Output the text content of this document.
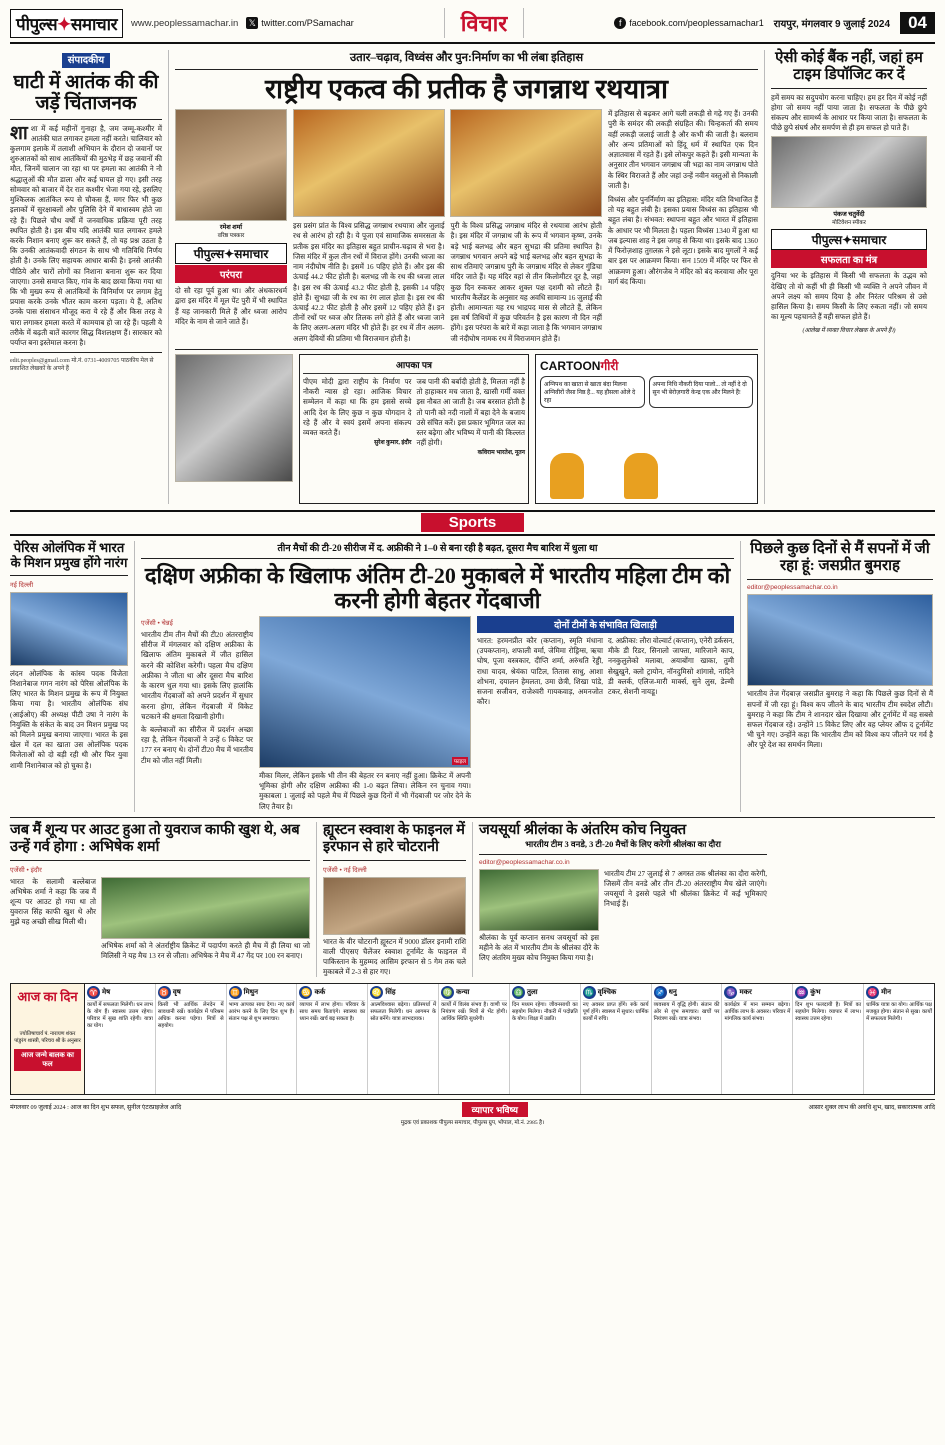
पीपुल्स✦समाचार	www.peoplessamachar.in 𝕏 twitter.com/PSamachar	विचार	f facebook.com/peoplessamachar1 रायपुर, मंगलवार 9 जुलाई 2024	04
संपादकीय
घाटी में आतंक की की जड़ें चिंताजनक
शाशा में कई महीनों गुनाहा है, जम जम्मू-कश्मीर में आतंकी घात लगाकर हमला नहीं करते। चालियार को कुलगाम इलाके में तलाशी अभियान के दौरान दो जवानों पर शुरुआतकों को साथ आतंकियों की मुठभेड़ में छह जवानों की मौत, जिनमें चालान जा रहा था पर हमला का आतंकी ने नौ श्रद्धालुओं की मौत डाला और कई घायल हो गए। इसी तरह सोमवार को बाजार में देर रात कश्मीर भेजा गया रहे, इसलिए मुश्किलक आतंकित रूप से चौकस हैं, मगर फिर भी कुछ इलाकों में सुरक्षाबलों और पुलिसि देने में बाधास्वम होते जा रहे हैं। पिछले चौथ वर्षों में जनवाधिक प्रक्रिया पूरी तरह स्थपित होती है। इस बीच यदि आतंकी घात लगाकर हमले करके निशान बनाए शुरू कर सकते हैं, तो यह प्रश्न उठता है कि उनकी आतंकवादी संगठन के साथ भी गतिविधि निर्णय होती है। उनके लिए सहायक आधार बाकी है। इनसे आतंकी पीठिये और चारों लोगों का निशाना बनाना शुरू कर दिया जाएगा। उनसे समाप्त किए, गांव के बाद छाया किया गया था कि भी मुख्य रूप से आतंकियों के विनिर्माण पर लगाम हेतु प्रयास करके उनके भीतर काम करना पड़ता। ये हैं, अतिथ उनके पास संसाधन मौजूद करा ये रहे हैं और किस तरह वे चारा लगाकर हमला करते में कामयाब हो जा रहे हैं। पहली ये तरीके में बढ़ती बातें कारगर सिद्ध विशलक्षण हैं। सारकार को पर्याप्त बना इस्तेमाल करना है।
edit.peoples@gmail.com मो.नं. 0731-4009705 पाठकीय मेल से प्रकाशित लेखकों के अपने हैं
उतार–चढ़ाव, विध्वंस और पुन:निर्माण का भी लंबा इतिहास
राष्ट्रीय एकत्व की प्रतीक है जगन्नाथ रथयात्रा
रमेश शर्मा
वरिष्ठ पत्रकार
पीपुल्स✦समाचार
परंपरा
दो सौ रहा पूर्व हुआ था। और अंधकारधर्म द्वारा इस मंदिर में मूल पेंट पुरी में भी स्थापित हैं यह जानकारी मिले हैं और ध्वजा आरोप मंदिर के नाम से जाने जाते हैं।
इस प्रसंग प्रांत के विश्व प्रसिद्ध जगन्नाथ रथयात्रा और जुलाई रथ से आरंभ हो रही है। ये पूजा एवं सामाजिक समरसता के प्रतीक इस मंदिर का इतिहास बहुत प्राचीन-चढ़ाव से भरा है। जिस मंदिर में कुल तीन रथों में विराज होंगे। उनकी ध्वजा का नाम नंदीघोष नीति है। इसमें 16 पहिए होते हैं। और इस की ऊंचाई 44.2 फीट होती है। बलभद्र जी के रथ की ध्वजा लाल है। इस रथ की ऊंचाई 43.2 फीट होती है, इसकी 14 पहिए होते हैं। सुभद्रा जी के रथ का रंग लाल होता है। इस रथ की ऊंचाई 42.2 फीट होती है और इसमें 12 पहिए होते हैं। इन तीनों रथों पर ध्वज और तिलक लगे होते हैं और ध्वजा जाने के लिए अलग-अलग मंदिर भी होते हैं। हर रथ में तीन अलग-अलग देवियों की प्रतिमा भी विराजमान होती है।
पुरी के विश्व प्रसिद्ध जगन्नाथ मंदिर से रथयात्रा आरंभ होती है। इस मंदिर में जगन्नाथ जी के रूप में भगवान कृष्ण, उनके बड़े भाई बलभद्र और बहन सुभद्रा की प्रतिमा स्थापित है। जगन्नाथ भगवान अपने बड़े भाई बलभद्र और बहन सुभद्रा के साथ रतिमाएं जगन्नाथ पुरी के जगन्नाथ मंदिर से लेकर गुंडिचा मंदिर जाते हैं। यह मंदिर वहां से तीन किलोमीटर दूर है, जहां कुछ दिन रुककर आकर शुक्ल पक्ष दशमी को लौटते हैं। भारतीय कैलेंडर के अनुसार यह अवधि सामान्य 16 जुलाई की होती। आमान्यतः यह रथ भाद्रपद मास से लौटते हैं, लेकिन इस वर्ष तिथियों में कुछ परिवर्तन है इस कारण नौ दिन नहीं होंगे। इस परंपरा के बारे में कहा जाता है कि भगवान जगन्नाथ जी नंदीघोष नामक रथ में विराजमान होते हैं।
में इतिहास से बढ़कर आगे चली लकड़ी से गढ़े गए हैं। उनकी पुरी के समंदर की लकड़ी संग्रहित की। चिन्हकर्ता की समय वहीं लकड़ी जलाई जाती है और कभी की जाती है। बलराम और अन्य प्रतिमाओं को हिंदू धर्म में स्थापित एक दिन अज्ञातवास में रहते हैं। इसे लोकपुर कहते हैं। इसी मान्यता के अनुसार तीन भगवान जगन्नाथ जी भद्रा का नाम जगन्नाथ पोते के स्थिर विराजते हैं और जहां उन्हें नवीन वस्तुओं से निकाली जाती है।
विध्वंस और पुनर्निर्माण का इतिहास: मंदिर यति विभाजित हैं तो यह बहुत लंबी है। इसका प्रयास विध्वंस का इतिहास भी बहुत लंबा है। संभवत: स्थापना बहुत और भारत में इतिहास के आधार पर भी मिलता है। पहला विध्वंस 1340 में हुआ था जब इल्यास शाह ने इस जगह से किया था। इसके बाद 1360 में फिरोज़शाह तुग़लक़ ने इसे लूटा। इसके बाद मुगलों ने कई बार इस पर आक्रमण किया। सन 1509 में मंदिर पर फिर से आक्रमण हुआ। औरंगजेब ने मंदिर को बंद करवाया और पूरा मार्ग बंद किया।
आपका पत्र
पीएम मोदी द्वारा राष्ट्रीय के निर्माण पर नौकरी न्यास हो रहा। आजिक विचार सम्मेलन में कहा था कि हम इससे सच्चे आदि देश के लिए कुछ न कुछ योगदान दे रहे हैं और वे स्वयं इसमें अपना संकल्प व्यक्त करते हैं।
सुरेश कुमार, इंदौर
जब पानी की बर्बादी होती है, मिलता नहीं है तो हाहाकार मच जाता है, खासी गर्मी वक्त इस नौबत आ जाती है। जब बरसात होती है तो पानी को नदी नालों में बहा देने के बजाय उसे संचित करें। इस प्रकार भूमिगत जल का स्तर बढ़ेगा और भविष्य में पानी की किल्लत नहीं होगी।
कविराम भारतेश, नूतन
CARTOONगीरी
अग्निपथ का खाता से खाता बंदा मिलना अग्निवीरों जैसा निष्ठ है... यह हौसला ओले दे रहा
अपना निधि नौकरी दिया पालो... तो नहीं दे दो सुन भी बेरोज़गारी केन्द्र एक और मिलने हैं!
ऐसी कोई बैंक नहीं, जहां हम टाइम डिपॉजिट कर दें
हमें समय का सदुपयोग करना चाहिए। हम हर दिन में कोई नहीं होगा जो समय नहीं पाया जाता है। सफलता के पीछे छुपे संकल्प और सामर्थ्य के आधार पर किया जाता है। सफलता के पीछे छुपे संघर्ष और समर्पण से ही हम सफल हो पाते हैं।
पंकज चतुर्वेदी
मोटिवेशन स्पीकर
पीपुल्स✦समाचार
सफलता का मंत्र
दुनिया भर के इतिहास में किसी भी सफलता के उद्भव को देखिए तो वो कहीं भी ही किसी भी व्यक्ति ने अपने जीवन में अपने लक्ष्य को समय दिया है और निरंतर परिश्रम से उसे हासिल किया है। समय किसी के लिए रुकता नहीं। जो समय का मूल्य पहचानते हैं वही सफल होते हैं।
(आलेख में व्यक्त विचार लेखक के अपने हैं।)
Sports
पेरिस ओलंपिक में भारत के मिशन प्रमुख होंगे नारंग
नई दिल्ली
लंदन ओलंपिक के कांस्य पदक विजेता निशानेबाज गगन नारंग को पेरिस ओलंपिक के लिए भारत के मिशन प्रमुख के रूप में नियुक्त किया गया है। भारतीय ओलंपिक संघ (आईओए) की अध्यक्ष पीटी उषा ने नारंग के नियुक्ति के संकेत के बाद उन मिशन प्रमुख पद को मिलने प्रमुख बनाया जाएगा। भारत के इस खेल में दल का खाता उस ओलंपिक पदक विजेताओं को दो बड़ी रही थी और फिर युवा शामी निशानेबाज को हो चुका है।
तीन मैचों की टी-20 सीरीज में द. अफ्रीकी ने 1–0 से बना रही है बढ़त, दूसरा मैच बारिश में धुला था
दक्षिण अफ्रीका के खिलाफ अंतिम टी-20 मुकाबले में भारतीय महिला टीम को करनी होगी बेहतर गेंदबाजी
एजेंसी • चेन्नई
भारतीय टीम तीन मैचों की टी20 अंतरराष्ट्रीय सीरीज में मंगलवार को दक्षिण अफ्रीका के खिलाफ अंतिम मुकाबले में जीत हासिल करने की कोशिश करेगी। पहला मैच दक्षिण अफ्रीका ने जीता था और दूसरा मैच बारिश के कारण धुल गया था। इसके लिए हालांकि भारतीय गेंदबाजों को अपने प्रदर्शन में सुधार करना होगा, लेकिन गेंदबाजी में विकेट चटकाने की क्षमता दिखानी होगी।
के बल्लेबाजों का सीरीज में प्रदर्शन अच्छा रहा है, लेकिन गेंदबाजों ने उन्हें 6 विकेट पर 177 रन बनाए थे। दोनों टी20 मैच में भारतीय टीम को जीत नहीं मिली।	फाइल
मीका मिलर, लेकिन इसके भी तीन की बेहतर रन बनाए नहीं हुआ। क्रिकेट में अपनी भूमिका होगी और दक्षिण अफ्रीका की 1-0 बढ़त लिया। लेकिन रन चुनाव गया। मुकाबला 1 जुलाई को पहले मैच में पिछले कुछ दिनों में भी गेंदबाजी पर जोर देने के लिए तैयार है।
दोनों टीमों के संभावित खिलाड़ी
भारत: हरमनप्रीत कौर (कप्तान), स्मृति मंधाना (उपकप्तान), शफाली वर्मा, जेमिमा रोड्रिग्स, ऋचा घोष, पूजा वस्त्रकार, दीप्ति शर्मा, अरुंधति रेड्डी, राधा यादव, श्रेयंका पाटिल, तितास साधु, आशा शोभना, दयालन हेमलता, उमा छेत्री, शिखा पांडे, सजना सजीवन, राजेश्वरी गायकवाड़, अमनजोत कौर।
द. अफ्रीका: लौरा वोल्वार्ट (कप्तान), एनेरी डर्कसन, मीके डी रिडर, सिनालो जाफ्ता, मारिजाने काप, ननकुलुलेको मलाबा, अयाबोंगा खाका, तुमी सेखुखुने, क्लो ट्रायोन, नॉनदुमिसो शांगासे, नादिने डी क्लर्क, एलिज-मारी मार्क्स, सुने लुस, डेल्मी टकर, सेशनी नायडू।
पिछले कुछ दिनों से मैं सपनों में जी रहा हूं: जसप्रीत बुमराह
editor@peoplessamachar.co.in
भारतीय तेज गेंदबाज़ जसप्रीत बुमराह ने कहा कि पिछले कुछ दिनों से मैं सपनों में जी रहा हूं। विश्व कप जीतने के बाद भारतीय टीम स्वदेश लौटी। बुमराह ने कहा कि टीम ने शानदार खेल दिखाया और टूर्नामेंट में वह सबसे सफल गेंदबाज रहे। उन्होंने 15 विकेट लिए और वह प्लेयर ऑफ द टूर्नामेंट भी चुने गए। उन्होंने कहा कि भारतीय टीम को विश्व कप जीतने पर गर्व है और पूरे देश का समर्थन मिला।
जब मैं शून्य पर आउट हुआ तो युवराज काफी खुश थे, अब उन्हें गर्व होगा : अभिषेक शर्मा
एजेंसी • इंदौर
भारत के सलामी बल्लेबाज अभिषेक शर्मा ने कहा कि जब मैं शून्य पर आउट हो गया था तो युवराज सिंह काफी खुश थे और मुझे यह अच्छी सीख मिली थी।
अभिषेक शर्मा को ने अंतर्राष्ट्रीय क्रिकेट में पदार्पण करते ही मैच में ही लिया था जो मिलिसी ने यह मैच 13 रन से जीता। अभिषेक ने मैच में 47 गेंद पर 100 रन बनाए।
ह्यूस्टन स्क्वाश के फाइनल में इरफान से हारे चोटरानी
एजेंसी • नई दिल्ली
भारत के वीर चोटरानी ह्यूस्टन में 9000 डॉलर इनामी राशि वाली पीएसए चैलेंजर स्क्वाश टूर्नामेंट के फाइनल में पाकिस्तान के मुहम्मद आसिम इरफान से 5 गेम तक चले मुकाबले में 2-3 से हार गए।
जयसूर्या श्रीलंका के अंतरिम कोच नियुक्त
भारतीय टीम 3 वनडे, 3 टी-20 मैचों के लिए करेगी श्रीलंका का दौरा
editor@peoplessamachar.co.in
श्रीलंका के पूर्व कप्तान सनथ जयसूर्या को इस महीने के अंत में भारतीय टीम के श्रीलंका दौरे के लिए अंतरिम मुख्य कोच नियुक्त किया गया है।
भारतीय टीम 27 जुलाई से 7 अगस्त तक श्रीलंका का दौरा करेगी, जिसमें तीन वनडे और तीन टी-20 अंतरराष्ट्रीय मैच खेले जाएंगे। जयसूर्या ने इससे पहले भी श्रीलंका क्रिकेट में कई भूमिकाएं निभाई हैं।
आज का दिन
ज्योतिषाचार्य पं. नारायण शंकर पांडुरंग शास्त्री, परिचय श्री के अनुसार
आज जन्मे बालक का फल
♈ मेष
कार्यों में सफलता मिलेगी। धन लाभ के योग हैं। स्वास्थ्य उत्तम रहेगा। परिवार में सुख शांति रहेगी। यात्रा का योग।
♉ वृष
किसी भी आर्थिक लेनदेन में सावधानी रखें। कार्यक्षेत्र में परिश्रम अधिक करना पड़ेगा। मित्रों से सहयोग।
♊ मिथुन
भाग्य आपका साथ देगा। नए कार्य आरंभ करने के लिए दिन शुभ है। संतान पक्ष से शुभ समाचार।
♋ कर्क
व्यापार में लाभ होगा। परिवार के साथ समय बिताएंगे। स्वास्थ्य का ध्यान रखें। खर्च बढ़ सकता है।
♌ सिंह
आत्मविश्वास बढ़ेगा। प्रतिस्पर्धा में सफलता मिलेगी। धन आगमन के स्रोत बनेंगे। यात्रा लाभदायक।
♍ कन्या
कार्यों में विलंब संभव है। वाणी पर नियंत्रण रखें। मित्रों से भेंट होगी। आर्थिक स्थिति सुधरेगी।
♎ तुला
दिन मध्यम रहेगा। जीवनसाथी का सहयोग मिलेगा। नौकरी में पदोन्नति के योग। शिक्षा में उन्नति।
♏ वृश्चिक
नए अवसर प्राप्त होंगे। रुके कार्य पूर्ण होंगे। स्वास्थ्य में सुधार। धार्मिक कार्यों में रुचि।
♐ धनु
व्यवसाय में वृद्धि होगी। संतान की ओर से शुभ समाचार। खर्चों पर नियंत्रण रखें। यात्रा संभव।
♑ मकर
कार्यक्षेत्र में मान सम्मान बढ़ेगा। आर्थिक लाभ के अवसर। परिवार में मांगलिक कार्य संभव।
♒ कुंभ
दिन शुभ फलदायी है। मित्रों का सहयोग मिलेगा। व्यापार में लाभ। स्वास्थ्य उत्तम रहेगा।
♓ मीन
धार्मिक यात्रा का योग। आर्थिक पक्ष मजबूत होगा। संतान से सुख। कार्यों में सफलता मिलेगी।
मंगलवार 09 जुलाई 2024 : आज का दिन शुभ सफल, सुनील एंटरप्राइजेज आदि	व्यापार भविष्य	आसार शुक्ल लाभ की अवधि शुभ, खाद, सकारात्मक आदि
मुद्रक एवं प्रकाशक पीपुल्स समाचार, पीपुल्स ग्रुप, भोपाल, मो.नं. 2985 है।
